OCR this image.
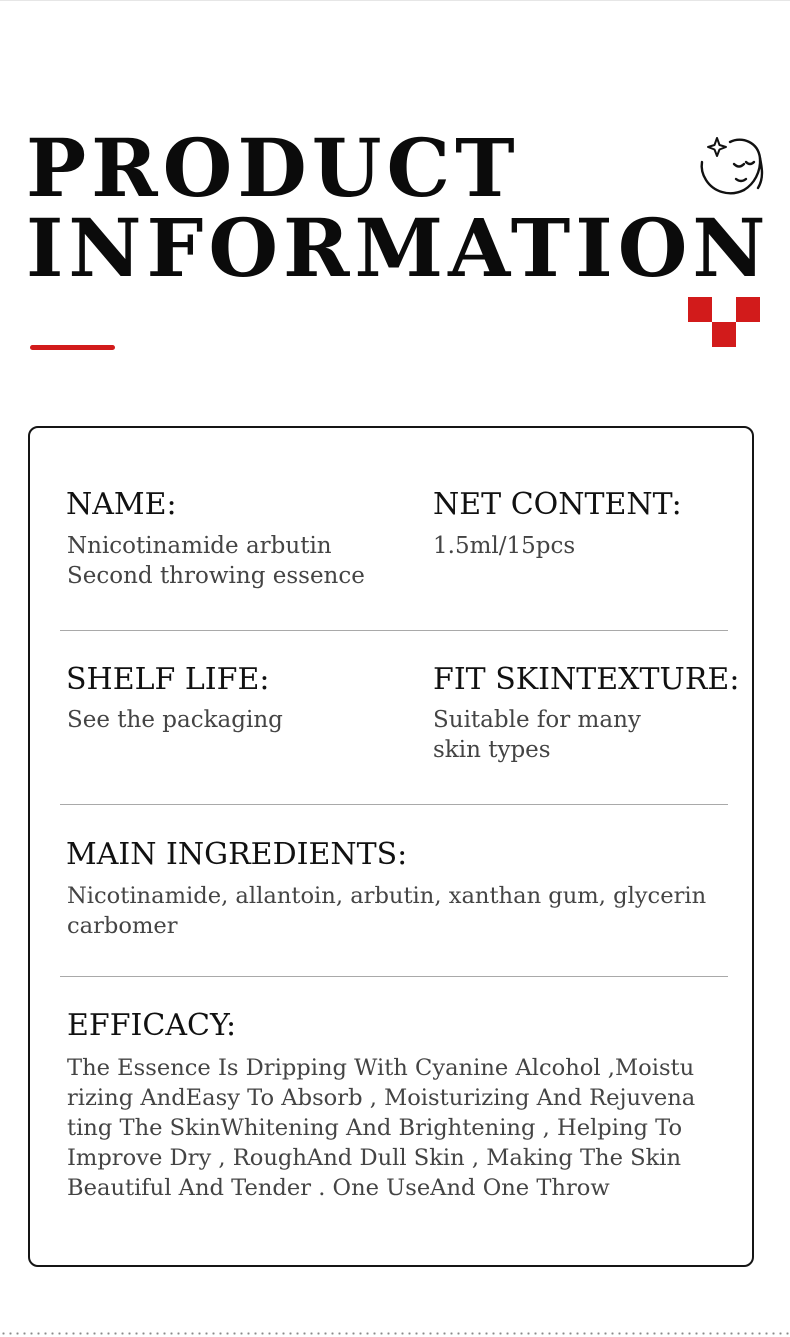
PRODUCT
INFORMATION
NAME:
Nnicotinamide arbutin
Second throwing essence
NET CONTENT:
1.5ml/15pcs
SHELF LIFE:
See the packaging
FIT SKINTEXTURE:
Suitable for many
skin types
MAIN INGREDIENTS:
Nicotinamide, allantoin, arbutin, xanthan gum, glycerin
carbomer
EFFICACY:
The Essence Is Dripping With Cyanine Alcohol ,Moistu
rizing AndEasy To Absorb , Moisturizing And Rejuvena
ting The SkinWhitening And Brightening , Helping To
Improve Dry , RoughAnd Dull Skin , Making The Skin
Beautiful And Tender . One UseAnd One Throw
